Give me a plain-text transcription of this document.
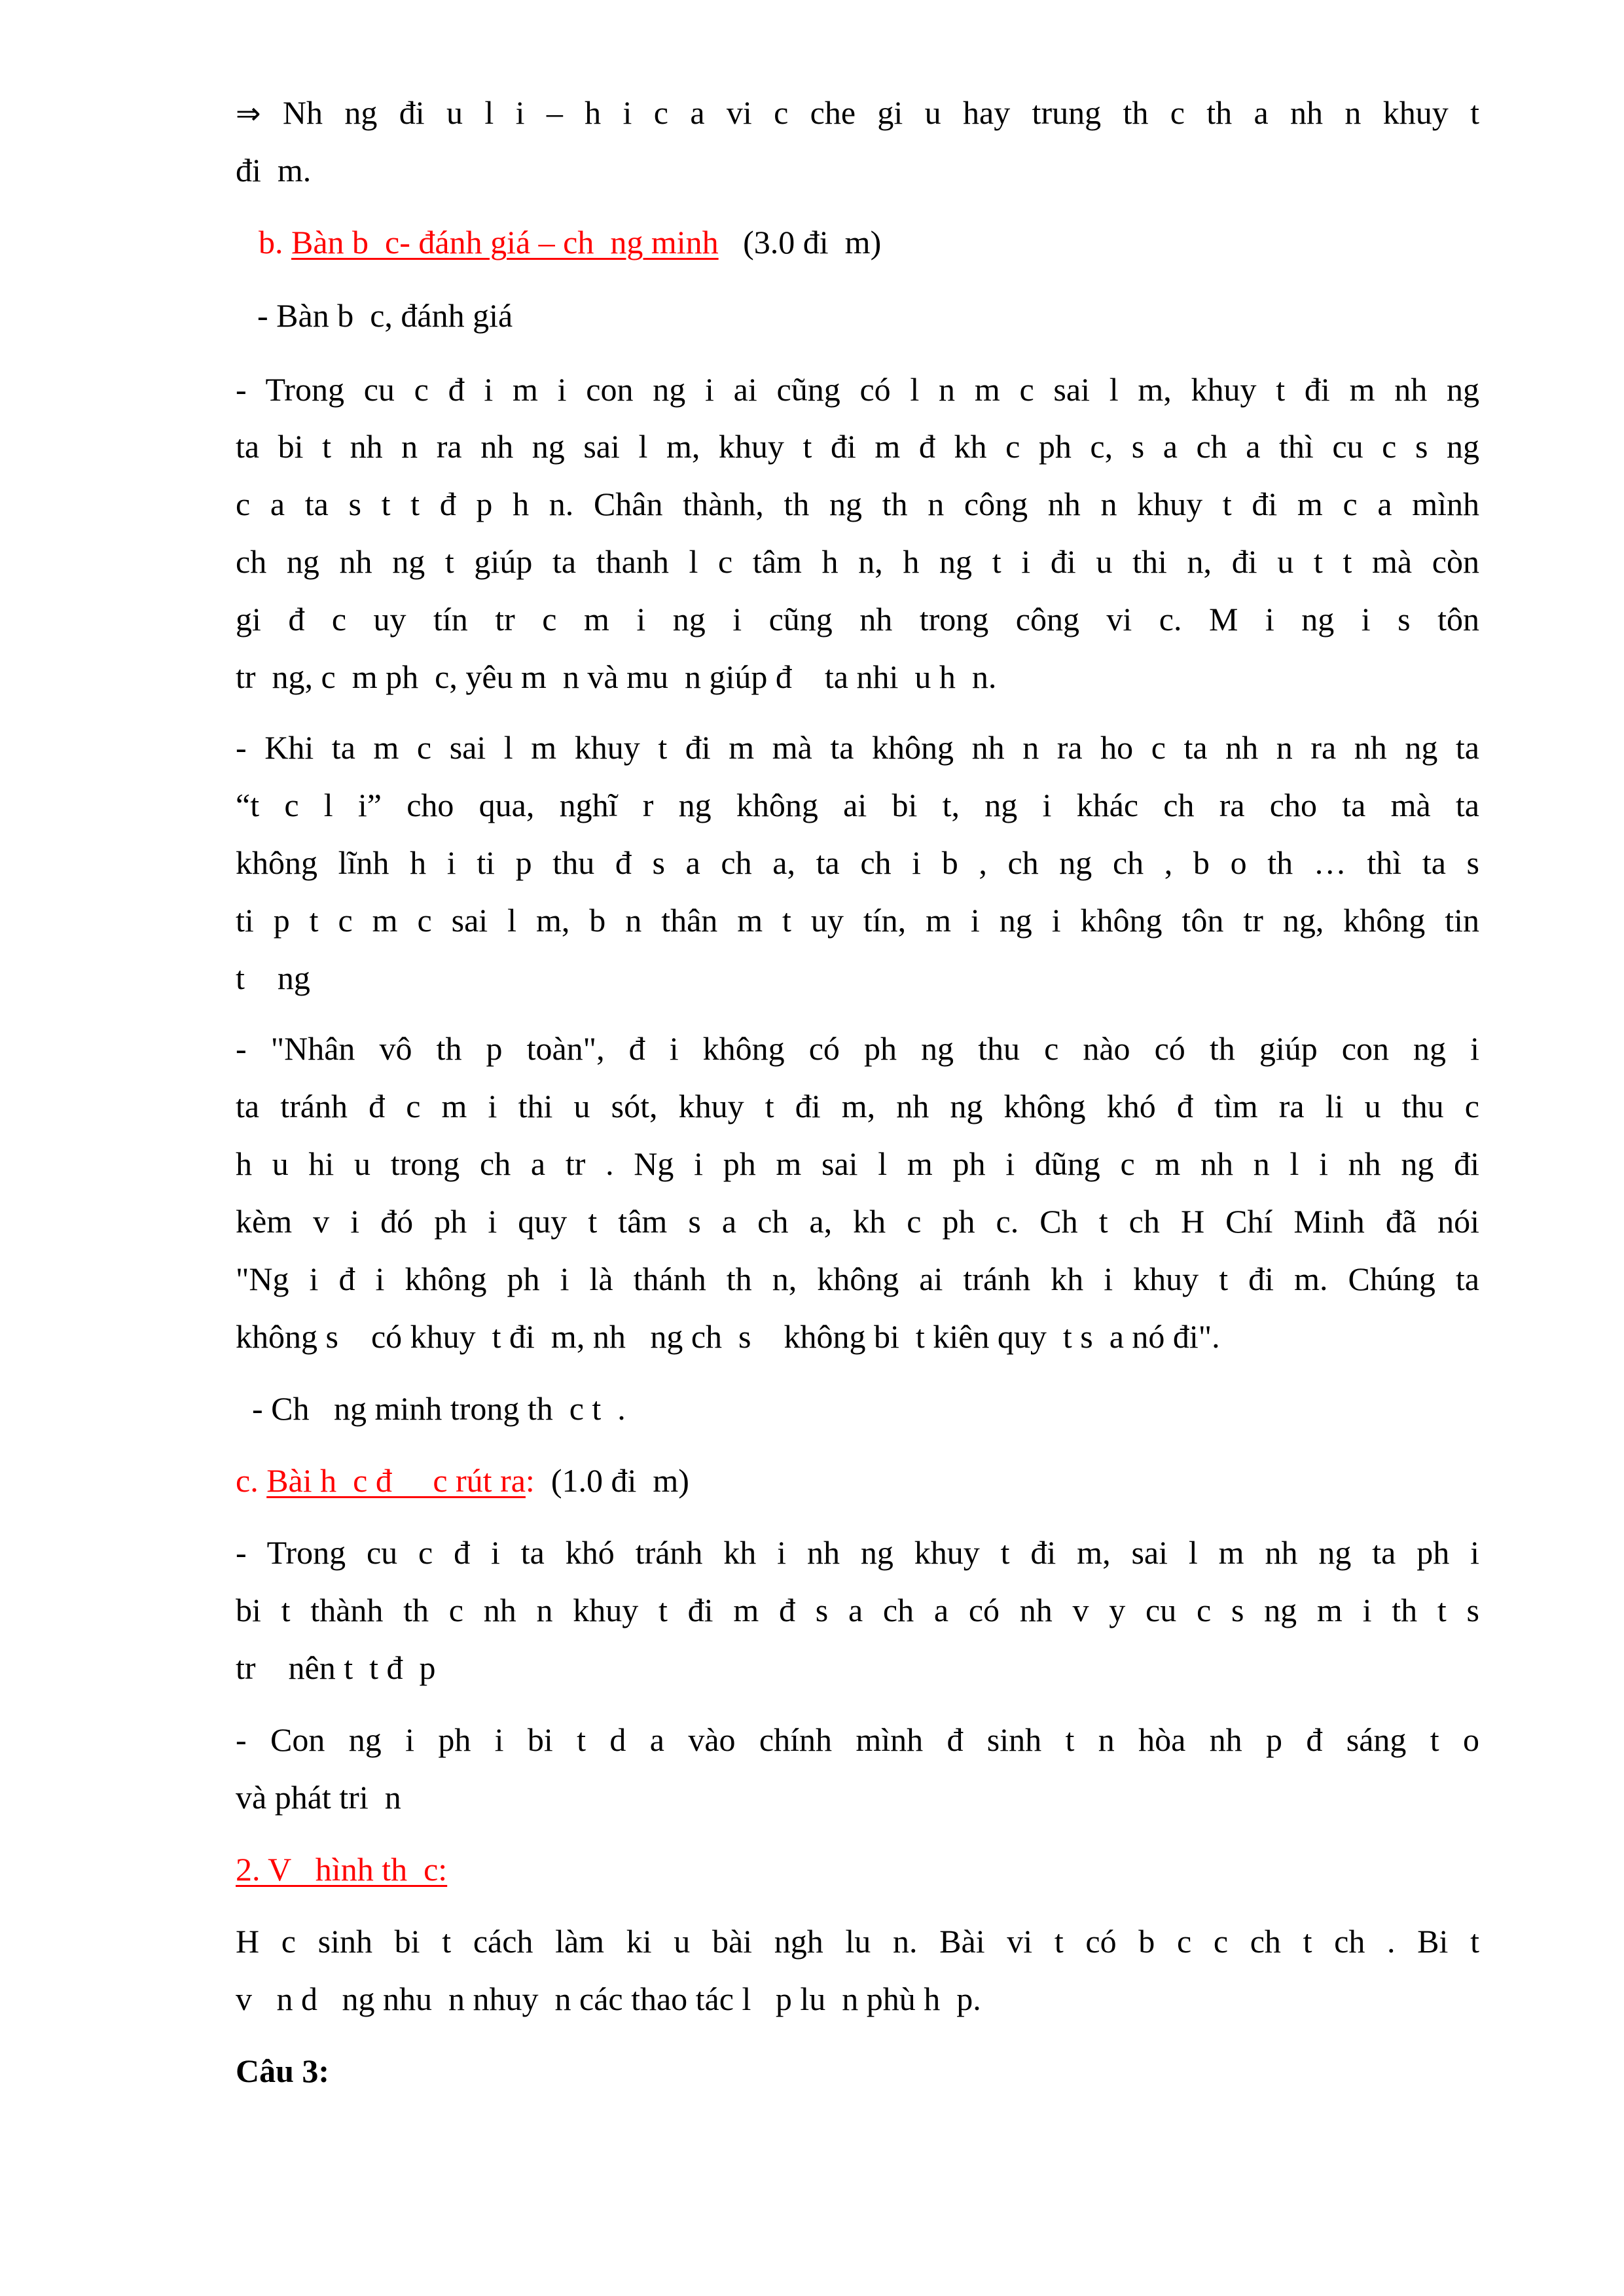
⇒ Nh ng đi u l i – h i c a vi c che gi u hay trung th c th a nh n khuy t
đi  m.
b. Bàn b  c- đánh giá – ch  ng minh   (3.0 đi  m)
- Bàn b  c, đánh giá
- Trong cu c đ i m i con ng i ai cũng có l n m c sai l m, khuy t đi m nh ng
ta bi t nh n ra nh ng sai l m, khuy t đi m đ kh c ph c, s a ch a thì cu c s ng
c a ta s t t đ p h n. Chân thành, th ng th n công nh n khuy t đi m c a mình
ch ng nh ng t giúp ta thanh l c tâm h n, h ng t i đi u thi n, đi u t t mà còn
gi đ c uy tín tr c m i ng i cũng nh trong công vi c. M i ng i s tôn
tr  ng, c  m ph  c, yêu m  n và mu  n giúp đ    ta nhi  u h  n.
- Khi ta m c sai l m khuy t đi m mà ta không nh n ra ho c ta nh n ra nh ng ta
“t c l i” cho qua, nghĩ r ng không ai bi t, ng i khác ch ra cho ta mà ta
không lĩnh h i ti p thu đ s a ch a, ta ch i b , ch ng ch , b o th … thì ta s
ti p t c m c sai l m, b n thân m t uy tín, m i ng i không tôn tr ng, không tin
t    ng
- "Nhân vô th p toàn", đ i không có ph ng thu c nào có th giúp con ng i
ta tránh đ c m i thi u sót, khuy t đi m, nh ng không khó đ tìm ra li u thu c
h u hi u trong ch a tr . Ng i ph m sai l m ph i dũng c m nh n l i nh ng đi
kèm v i đó ph i quy t tâm s a ch a, kh c ph c. Ch t ch H Chí Minh đã nói
"Ng i đ i không ph i là thánh th n, không ai tránh kh i khuy t đi m. Chúng ta
không s    có khuy  t đi  m, nh   ng ch  s    không bi  t kiên quy  t s  a nó đi".
- Ch   ng minh trong th  c t  .
c. Bài h  c đ     c rút ra:  (1.0 đi  m)
- Trong cu c đ i ta khó tránh kh i nh ng khuy t đi m, sai l m nh ng ta ph i
bi t thành th c nh n khuy t đi m đ s a ch a có nh v y cu c s ng m i th t s
tr    nên t  t đ  p
- Con ng i ph i bi t d a vào chính mình đ sinh t n hòa nh p đ sáng t o
và phát tri  n
2. V   hình th  c:
H c sinh bi t cách làm ki u bài ngh lu n. Bài vi t có b c c ch t ch . Bi t
v   n d   ng nhu  n nhuy  n các thao tác l   p lu  n phù h  p.
Câu 3:
